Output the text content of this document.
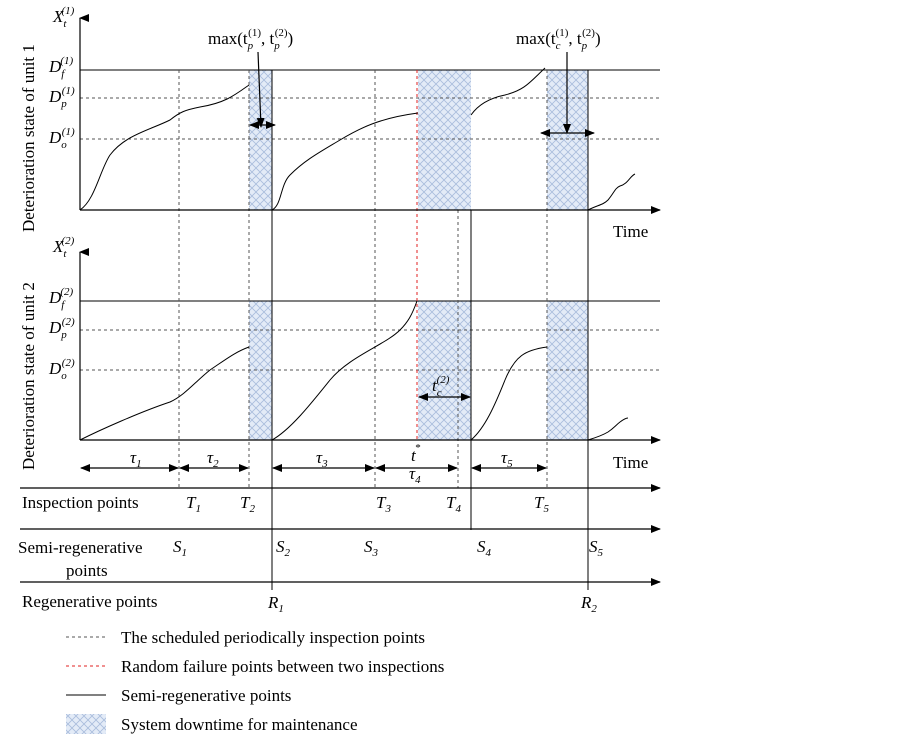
Deterioration state of unit 1
Deterioration state of unit 2
$X_t(1)$
$X_t(2)$	Time
Time
$D_f(1)$
$D_p(1)$
$D_o(1)$
$D_f(2)$
$D_p(2)$
$D_o(2)$
$\max(t_p(1)$, $t_p(2)$)	$\max(t_c(1)$, $t_p(2)$)
$t_c(2)$
t*
$\tau_1$	$\tau_2$	$\tau_3$	$\tau_4$
$\tau_5$
Inspection points
Semi-regenerative
points
Regenerative points
$T_1$ $T_2$	$T_3$	$T_4$	$T_5$
$S_1$	$S_2$	$S_3$	$S_4$	$S_5$
$R_1$	$R_2$
The scheduled periodically inspection points
Random failure points between two inspections
Semi-regenerative points
System downtime for maintenance
